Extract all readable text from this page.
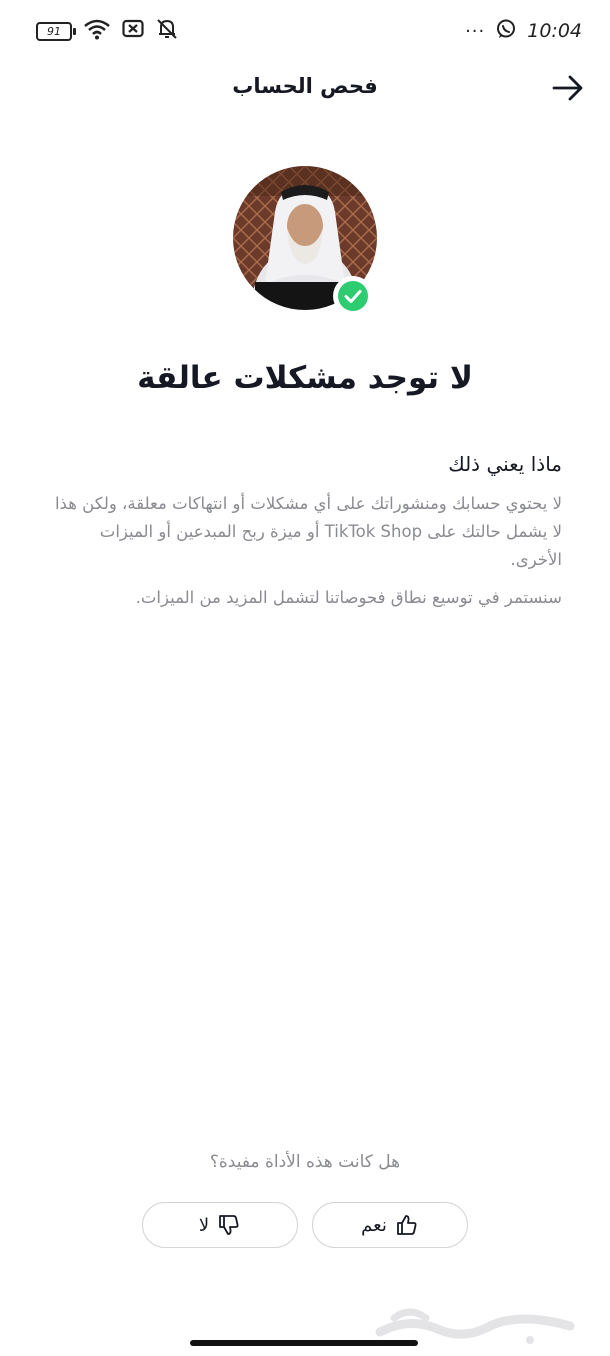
91	··· 10:04
فحص الحساب
لا توجد مشكلات عالقة
ماذا يعني ذلك

لا يحتوي حسابك ومنشوراتك على أي مشكلات أو انتهاكات معلقة، ولكن هذا لا يشمل حالتك على TikTok Shop أو ميزة ربح المبدعين أو الميزات الأخرى.

سنستمر في توسيع نطاق فحوصاتنا لتشمل المزيد من الميزات.

هل كانت هذه الأداة مفيدة؟
نعم
لا
